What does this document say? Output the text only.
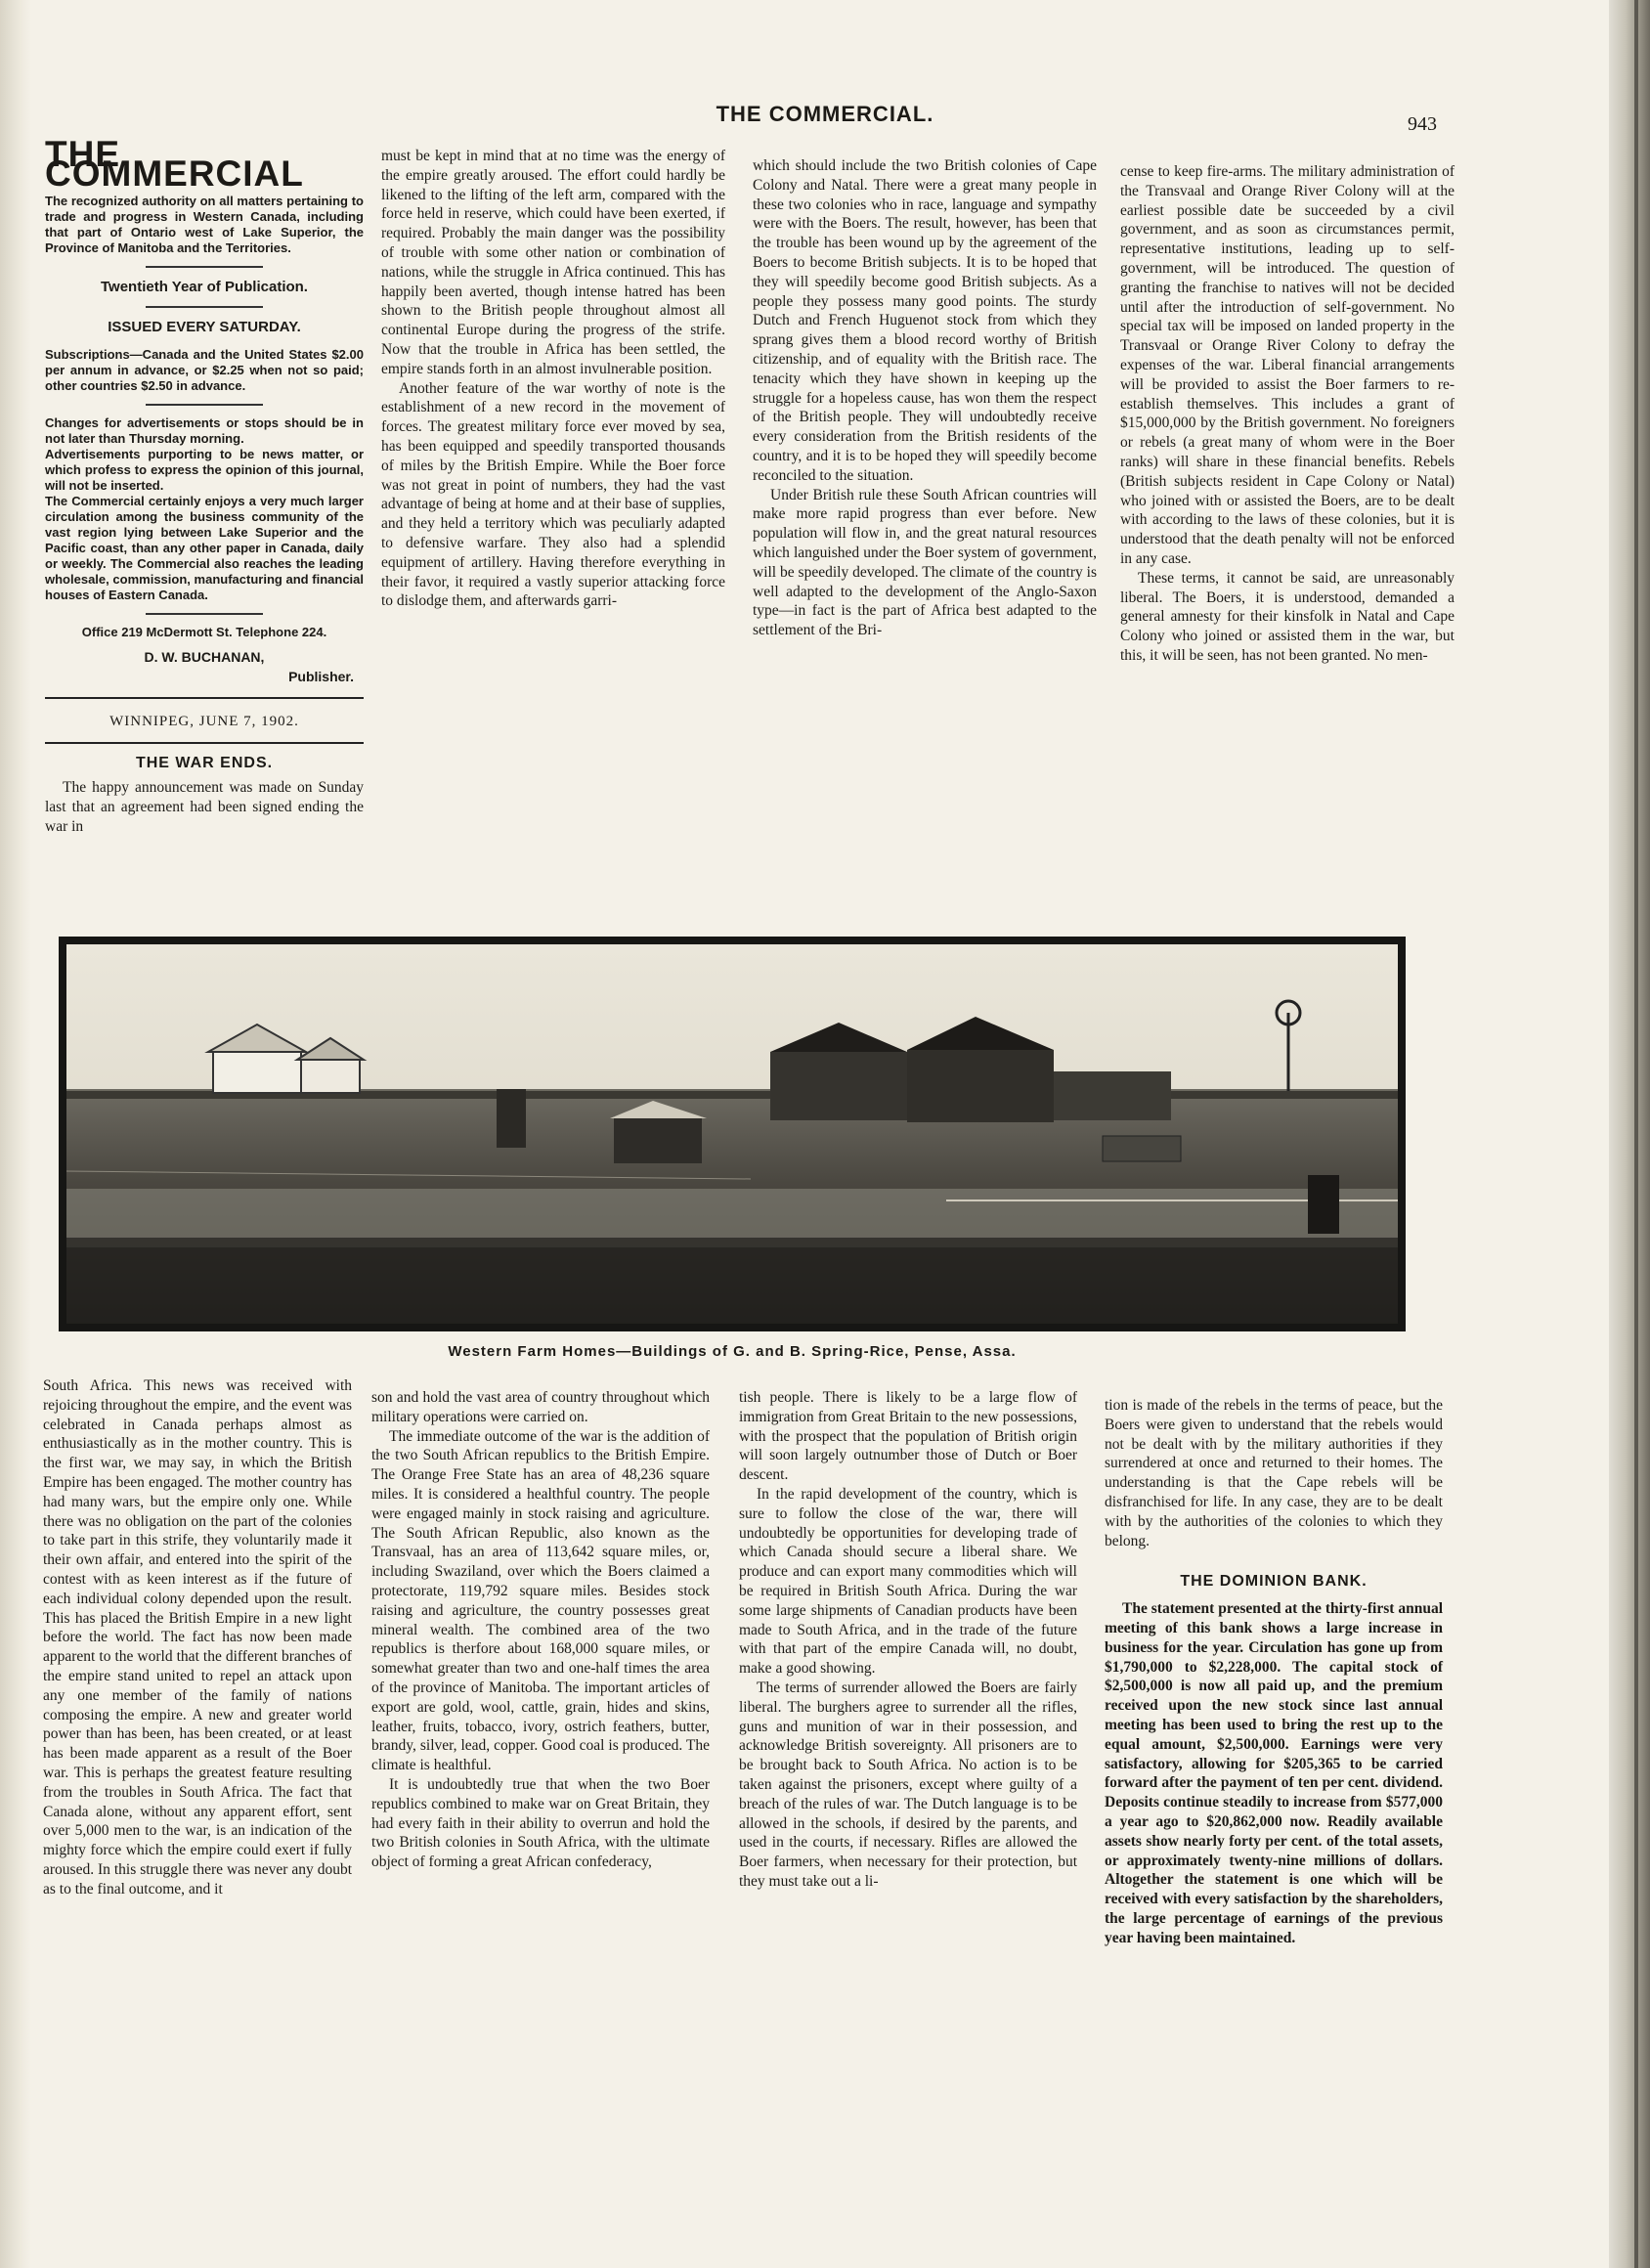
THE COMMERCIAL.	943
THE COMMERCIAL
The recognized authority on all matters pertaining to trade and progress in Western Canada, including that part of Ontario west of Lake Superior, the Province of Manitoba and the Territories.
Twentieth Year of Publication.
ISSUED EVERY SATURDAY.
Subscriptions—Canada and the United States $2.00 per annum in advance, or $2.25 when not so paid; other countries $2.50 in advance.
Changes for advertisements or stops should be in not later than Thursday morning.
Advertisements purporting to be news matter, or which profess to express the opinion of this journal, will not be inserted.
The Commercial certainly enjoys a very much larger circulation among the business community of the vast region lying between Lake Superior and the Pacific coast, than any other paper in Canada, daily or weekly. The Commercial also reaches the leading wholesale, commission, manufacturing and financial houses of Eastern Canada.
Office 219 McDermott St. Telephone 224.
D. W. BUCHANAN,
Publisher.
WINNIPEG, JUNE 7, 1902.
THE WAR ENDS.

The happy announcement was made on Sunday last that an agreement had been signed ending the war in

must be kept in mind that at no time was the energy of the empire greatly aroused. The effort could hardly be likened to the lifting of the left arm, compared with the force held in reserve, which could have been exerted, if required. Probably the main danger was the possibility of trouble with some other nation or combination of nations, while the struggle in Africa continued. This has happily been averted, though intense hatred has been shown to the British people throughout almost all continental Europe during the progress of the strife. Now that the trouble in Africa has been settled, the empire stands forth in an almost invulnerable position.

Another feature of the war worthy of note is the establishment of a new record in the movement of forces. The greatest military force ever moved by sea, has been equipped and speedily transported thousands of miles by the British Empire. While the Boer force was not great in point of numbers, they had the vast advantage of being at home and at their base of supplies, and they held a territory which was peculiarly adapted to defensive warfare. They also had a splendid equipment of artillery. Having therefore everything in their favor, it required a vastly superior attacking force to dislodge them, and afterwards garri-

which should include the two British colonies of Cape Colony and Natal. There were a great many people in these two colonies who in race, language and sympathy were with the Boers. The result, however, has been that the trouble has been wound up by the agreement of the Boers to become British subjects. It is to be hoped that they will speedily become good British subjects. As a people they possess many good points. The sturdy Dutch and French Huguenot stock from which they sprang gives them a blood record worthy of British citizenship, and of equality with the British race. The tenacity which they have shown in keeping up the struggle for a hopeless cause, has won them the respect of the British people. They will undoubtedly receive every consideration from the British residents of the country, and it is to be hoped they will speedily become reconciled to the situation.

Under British rule these South African countries will make more rapid progress than ever before. New population will flow in, and the great natural resources which languished under the Boer system of government, will be speedily developed. The climate of the country is well adapted to the development of the Anglo-Saxon type—in fact is the part of Africa best adapted to the settlement of the Bri-

cense to keep fire-arms. The military administration of the Transvaal and Orange River Colony will at the earliest possible date be succeeded by a civil government, and as soon as circumstances permit, representative institutions, leading up to self-government, will be introduced. The question of granting the franchise to natives will not be decided until after the introduction of self-government. No special tax will be imposed on landed property in the Transvaal or Orange River Colony to defray the expenses of the war. Liberal financial arrangements will be provided to assist the Boer farmers to re-establish themselves. This includes a grant of $15,000,000 by the British government. No foreigners or rebels (a great many of whom were in the Boer ranks) will share in these financial benefits. Rebels (British subjects resident in Cape Colony or Natal) who joined with or assisted the Boers, are to be dealt with according to the laws of these colonies, but it is understood that the death penalty will not be enforced in any case.

These terms, it cannot be said, are unreasonably liberal. The Boers, it is understood, demanded a general amnesty for their kinsfolk in Natal and Cape Colony who joined or assisted them in the war, but this, it will be seen, has not been granted. No men-

Western Farm Homes—Buildings of G. and B. Spring-Rice, Pense, Assa.

South Africa. This news was received with rejoicing throughout the empire, and the event was celebrated in Canada perhaps almost as enthusiastically as in the mother country. This is the first war, we may say, in which the British Empire has been engaged. The mother country has had many wars, but the empire only one. While there was no obligation on the part of the colonies to take part in this strife, they voluntarily made it their own affair, and entered into the spirit of the contest with as keen interest as if the future of each individual colony depended upon the result. This has placed the British Empire in a new light before the world. The fact has now been made apparent to the world that the different branches of the empire stand united to repel an attack upon any one member of the family of nations composing the empire. A new and greater world power than has been, has been created, or at least has been made apparent as a result of the Boer war. This is perhaps the greatest feature resulting from the troubles in South Africa. The fact that Canada alone, without any apparent effort, sent over 5,000 men to the war, is an indication of the mighty force which the empire could exert if fully aroused. In this struggle there was never any doubt as to the final outcome, and it

son and hold the vast area of country throughout which military operations were carried on.

The immediate outcome of the war is the addition of the two South African republics to the British Empire. The Orange Free State has an area of 48,236 square miles. It is considered a healthful country. The people were engaged mainly in stock raising and agriculture. The South African Republic, also known as the Transvaal, has an area of 113,642 square miles, or, including Swaziland, over which the Boers claimed a protectorate, 119,792 square miles. Besides stock raising and agriculture, the country possesses great mineral wealth. The combined area of the two republics is therfore about 168,000 square miles, or somewhat greater than two and one-half times the area of the province of Manitoba. The important articles of export are gold, wool, cattle, grain, hides and skins, leather, fruits, tobacco, ivory, ostrich feathers, butter, brandy, silver, lead, copper. Good coal is produced. The climate is healthful.

It is undoubtedly true that when the two Boer republics combined to make war on Great Britain, they had every faith in their ability to overrun and hold the two British colonies in South Africa, with the ultimate object of forming a great African confederacy,

tish people. There is likely to be a large flow of immigration from Great Britain to the new possessions, with the prospect that the population of British origin will soon largely outnumber those of Dutch or Boer descent.

In the rapid development of the country, which is sure to follow the close of the war, there will undoubtedly be opportunities for developing trade of which Canada should secure a liberal share. We produce and can export many commodities which will be required in British South Africa. During the war some large shipments of Canadian products have been made to South Africa, and in the trade of the future with that part of the empire Canada will, no doubt, make a good showing.

The terms of surrender allowed the Boers are fairly liberal. The burghers agree to surrender all the rifles, guns and munition of war in their possession, and acknowledge British sovereignty. All prisoners are to be brought back to South Africa. No action is to be taken against the prisoners, except where guilty of a breach of the rules of war. The Dutch language is to be allowed in the schools, if desired by the parents, and used in the courts, if necessary. Rifles are allowed the Boer farmers, when necessary for their protection, but they must take out a li-

tion is made of the rebels in the terms of peace, but the Boers were given to understand that the rebels would not be dealt with by the military authorities if they surrendered at once and returned to their homes. The understanding is that the Cape rebels will be disfranchised for life. In any case, they are to be dealt with by the authorities of the colonies to which they belong.

THE DOMINION BANK.

The statement presented at the thirty-first annual meeting of this bank shows a large increase in business for the year. Circulation has gone up from $1,790,000 to $2,228,000. The capital stock of $2,500,000 is now all paid up, and the premium received upon the new stock since last annual meeting has been used to bring the rest up to the equal amount, $2,500,000. Earnings were very satisfactory, allowing for $205,365 to be carried forward after the payment of ten per cent. dividend. Deposits continue steadily to increase from $577,000 a year ago to $20,862,000 now. Readily available assets show nearly forty per cent. of the total assets, or approximately twenty-nine millions of dollars. Altogether the statement is one which will be received with every satisfaction by the shareholders, the large percentage of earnings of the previous year having been maintained.
